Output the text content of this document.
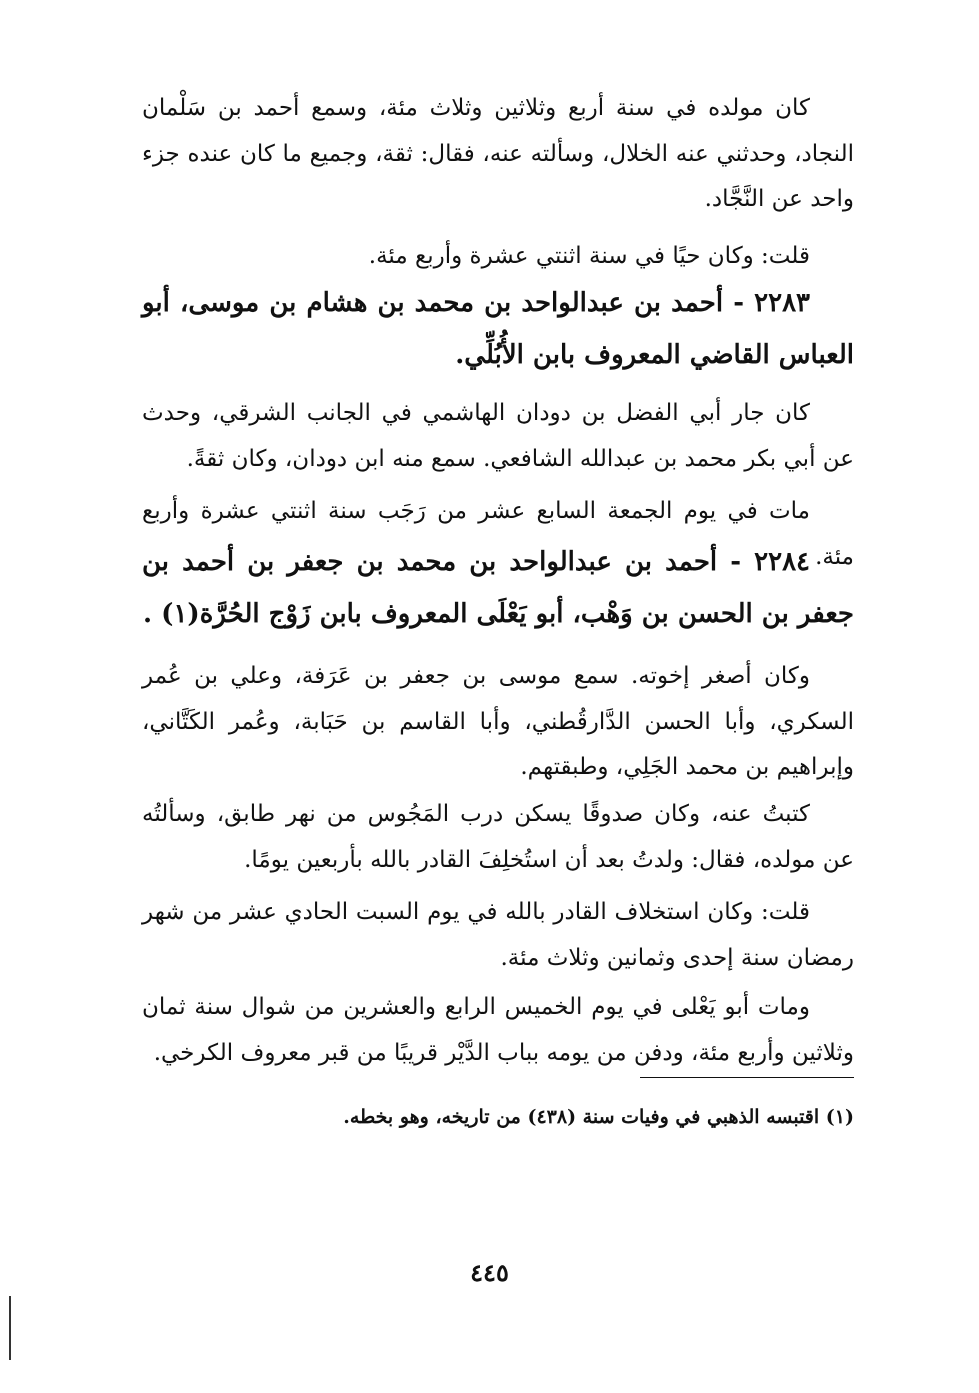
كان مولده في سنة أربع وثلاثين وثلاث مئة، وسمع أحمد بن سَلْمان النجاد، وحدثني عنه الخلال، وسألته عنه، فقال: ثقة، وجميع ما كان عنده جزء واحد عن النَّجَّاد.

قلت: وكان حيًا في سنة اثنتي عشرة وأربع مئة.

٢٢٨٣ - أحمد بن عبدالواحد بن محمد بن هشام بن موسى، أبو العباس القاضي المعروف بابن الأُبُلِّي.

كان جار أبي الفضل بن دودان الهاشمي في الجانب الشرقي، وحدث عن أبي بكر محمد بن عبدالله الشافعي. سمع منه ابن دودان، وكان ثقةً.

مات في يوم الجمعة السابع عشر من رَجَب سنة اثنتي عشرة وأربع مئة.

٢٢٨٤ - أحمد بن عبدالواحد بن محمد بن جعفر بن أحمد بن جعفر بن الحسن بن وَهْب، أبو يَعْلَى المعروف بابن زَوْج الحُرَّة(١) .

وكان أصغر إخوته. سمع موسى بن جعفر بن عَرَفة، وعلي بن عُمر السكري، وأبا الحسن الدَّارقُطني، وأبا القاسم بن حَبَابة، وعُمر الكَتَّاني، وإبراهيم بن محمد الجَلِي، وطبقتهم.

كتبتُ عنه، وكان صدوقًا يسكن درب المَجُوس من نهر طابق، وسألتُه عن مولده، فقال: ولدتُ بعد أن استُخلِفَ القادر بالله بأربعين يومًا.

قلت: وكان استخلاف القادر بالله في يوم السبت الحادي عشر من شهر رمضان سنة إحدى وثمانين وثلاث مئة.

ومات أبو يَعْلى في يوم الخميس الرابع والعشرين من شوال سنة ثمان وثلاثين وأربع مئة، ودفن من يومه بباب الدَّيْر قريبًا من قبر معروف الكرخي.

(١) اقتبسه الذهبي في وفيات سنة (٤٣٨) من تاريخه، وهو بخطه.
٤٤٥
